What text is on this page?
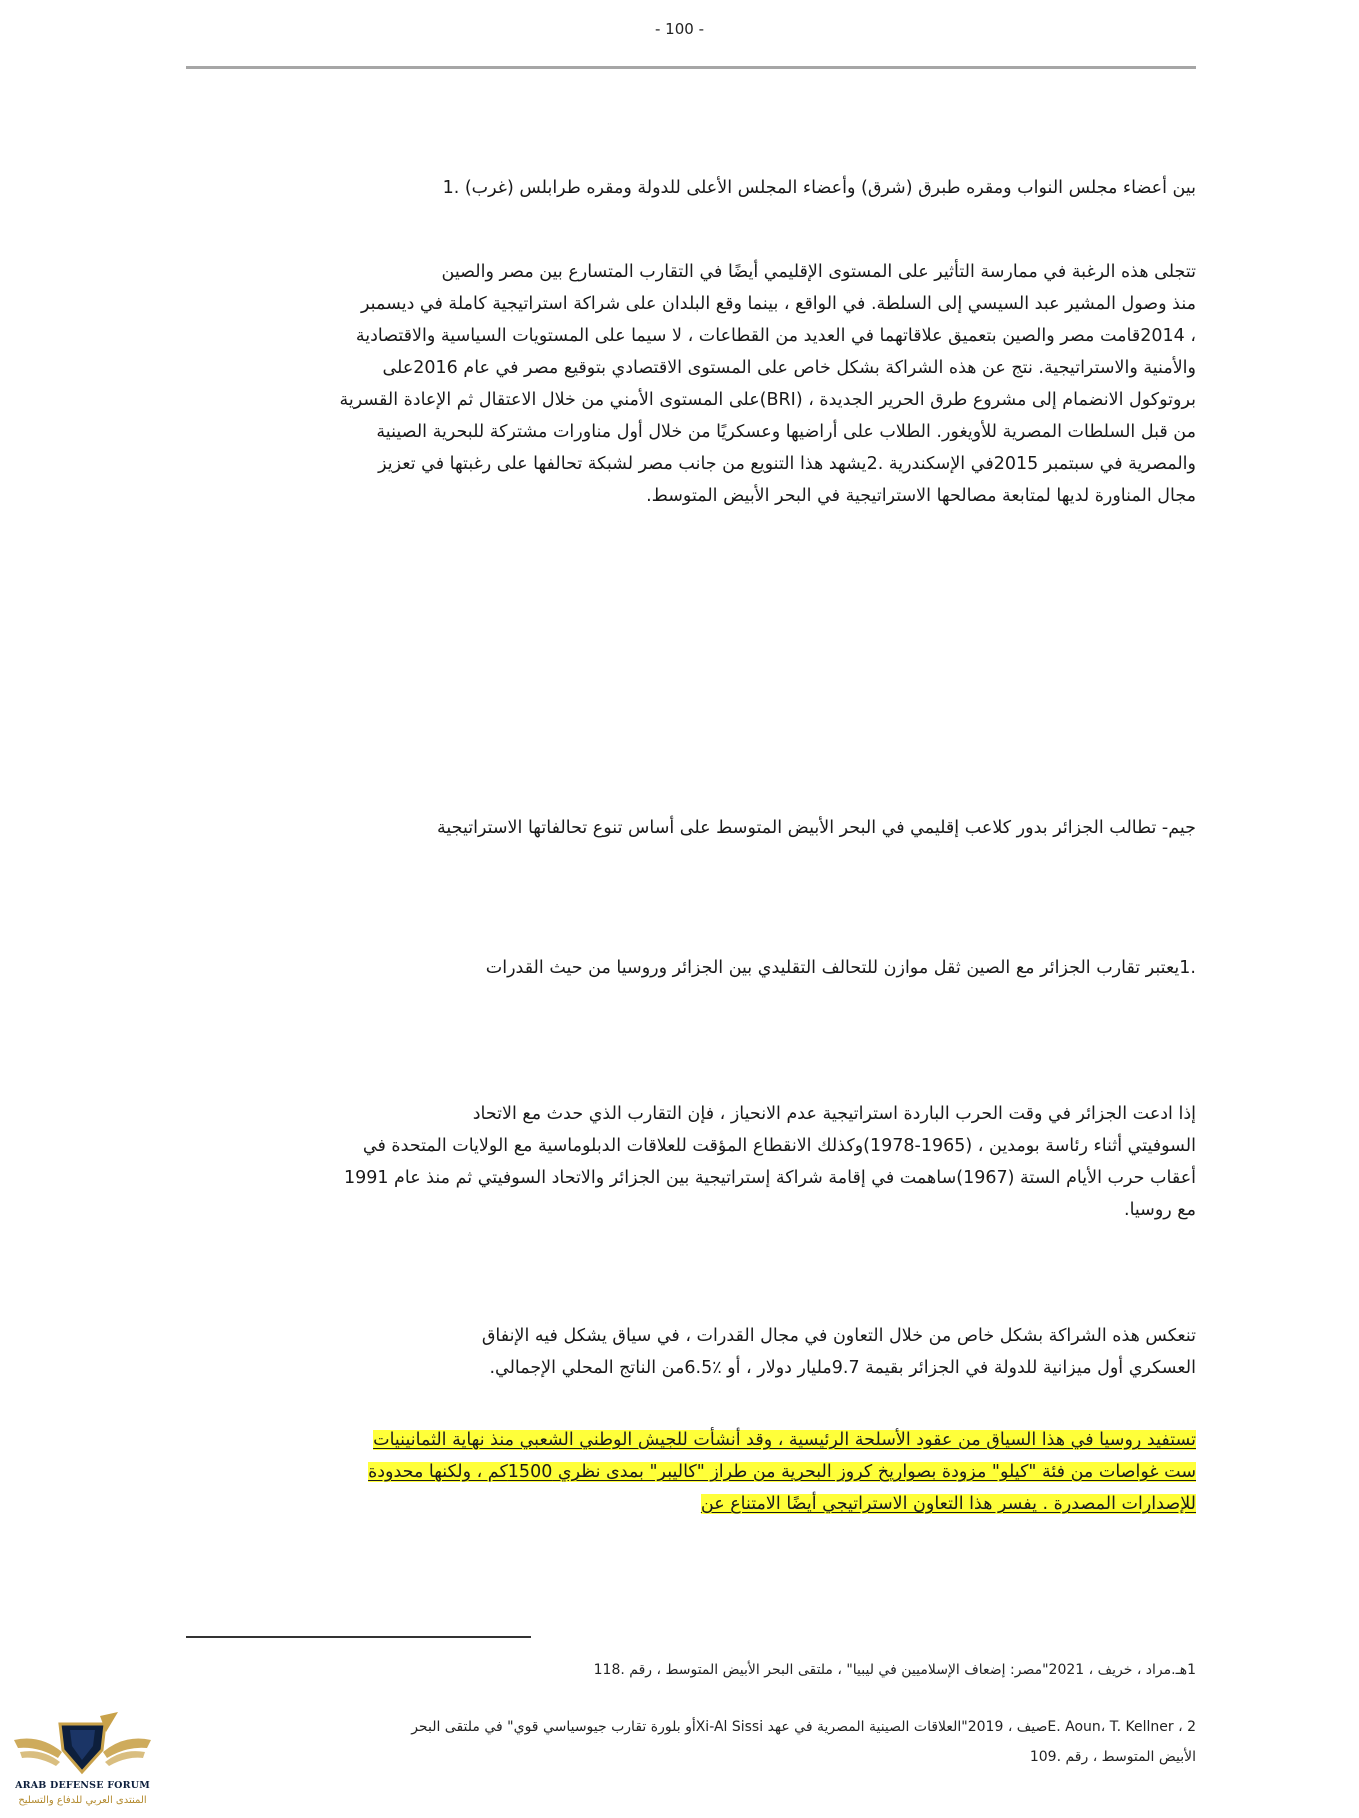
- 100 -
بين أعضاء مجلس النواب ومقره طبرق (شرق) وأعضاء المجلس الأعلى للدولة ومقره طرابلس (غرب) .1
تتجلى هذه الرغبة في ممارسة التأثير على المستوى الإقليمي أيضًا في التقارب المتسارع بين مصر والصين
منذ وصول المشير عبد السيسي إلى السلطة. في الواقع ، بينما وقع البلدان على شراكة استراتيجية كاملة في ديسمبر
، 2014قامت مصر والصين بتعميق علاقاتهما في العديد من القطاعات ، لا سيما على المستويات السياسية والاقتصادية
والأمنية والاستراتيجية. نتج عن هذه الشراكة بشكل خاص على المستوى الاقتصادي بتوقيع مصر في عام 2016على
بروتوكول الانضمام إلى مشروع طرق الحرير الجديدة ، (BRI)على المستوى الأمني من خلال الاعتقال ثم الإعادة القسرية
من قبل السلطات المصرية للأويغور. الطلاب على أراضيها وعسكريًا من خلال أول مناورات مشتركة للبحرية الصينية
والمصرية في سبتمبر 2015في الإسكندرية .2يشهد هذا التنويع من جانب مصر لشبكة تحالفها على رغبتها في تعزيز
مجال المناورة لديها لمتابعة مصالحها الاستراتيجية في البحر الأبيض المتوسط.
جيم- تطالب الجزائر بدور كلاعب إقليمي في البحر الأبيض المتوسط على أساس تنوع تحالفاتها الاستراتيجية
.1يعتبر تقارب الجزائر مع الصين ثقل موازن للتحالف التقليدي بين الجزائر وروسيا من حيث القدرات
إذا ادعت الجزائر في وقت الحرب الباردة استراتيجية عدم الانحياز ، فإن التقارب الذي حدث مع الاتحاد
السوفيتي أثناء رئاسة بومدين ، (1965-1978)وكذلك الانقطاع المؤقت للعلاقات الدبلوماسية مع الولايات المتحدة في
أعقاب حرب الأيام الستة (1967)ساهمت في إقامة شراكة إستراتيجية بين الجزائر والاتحاد السوفيتي ثم منذ عام 1991
مع روسيا.
تنعكس هذه الشراكة بشكل خاص من خلال التعاون في مجال القدرات ، في سياق يشكل فيه الإنفاق
العسكري أول ميزانية للدولة في الجزائر بقيمة 9.7مليار دولار ، أو ٪6.5من الناتج المحلي الإجمالي.
تستفيد روسيا في هذا السياق من عقود الأسلحة الرئيسية ، وقد أنشأت للجيش الوطني الشعبي منذ نهاية الثمانينيات
ست غواصات من فئة "كيلو" مزودة بصواريخ كروز البحرية من طراز "كاليبر" بمدى نظري 1500كم ، ولكنها محدودة
للإصدارات المصدرة . يفسر هذا التعاون الاستراتيجي أيضًا الامتناع عن
1هـ.مراد ، خريف ، 2021"مصر: إضعاف الإسلاميين في ليبيا" ، ملتقى البحر الأبيض المتوسط ، رقم .118
E. Aoun، T. Kellner ، 2صيف ، 2019"العلاقات الصينية المصرية في عهد Xi-Al Sissiأو بلورة تقارب جيوسياسي قوي" في ملتقى البحر
الأبيض المتوسط ، رقم .109
ARAB DEFENSE FORUM
المنتدى العربي للدفاع والتسليح
